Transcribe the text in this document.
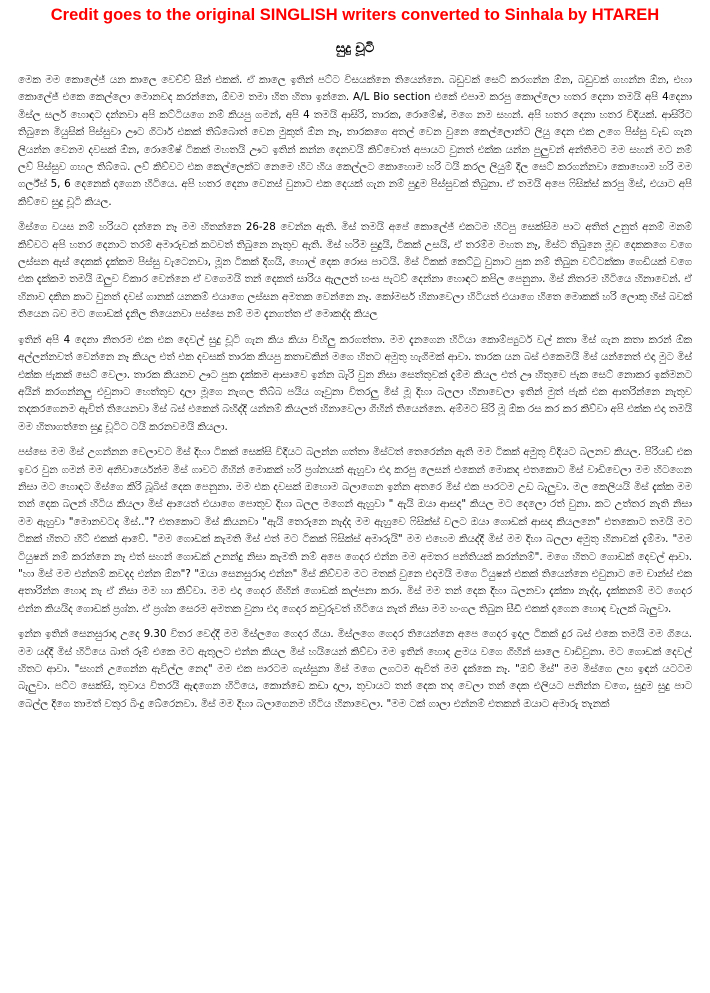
Credit goes to the original SINGLISH writers converted to Sinhala by HTAREH
සුදු චූටි

මෙක මම කොලේජ් යන කාලෙ වෙච්ච් සීන් එකක්. ඒ කාලෙ ඉතින් පට්ට විසයක්නෙ තියෙන්නෙ. බඩුවක් සෙට් කරගන්න ඕන, බඩුවක් ගහන්න ඕන, එහා කොලේජ් එකෙ කෙල්ලො මොනවද කරන්නෙ, ඕවම තමා හිත හිතා ඉන්නෙ. A/L Bio section එකේ එපාම කරපු කොල්ලො හතර දෙනා තමයි අපි 4දෙනා මිස්ල සර්ල හොඳට දන්නවා අපි කට්ටියගෙ නම් කියපු ගමන්, අපි 4 තමයි ආසිරි, තාරක, රොමේෂ්, මගෙ නම සහන්. අපි හතර දෙනා හතර විදියක්. ආසිරිට තිබුනෙ මියුසික් පිස්සුවා ඌට ගිටාර් එකක් තිබ්බොත් වෙන මුකුත් ඕන නෑ, තාරකගෙ අතල් වෙන වුනෙ කෙල්ලොන්ට ලියු දෙන එක උගෙ පිස්සු වැඩ ගැන ලියන්න වෙනම දවසක් ඕන, රොමේෂ් ටිකක් මහතයි ඌට ඉතින් කන්න දෙනවයි කිව්වොත් අපායට වුනත් එක්ක යන්න පුලුවන් අන්තිමට මම සහන් මට නම් ලව් පිස්සුව ගහල තිබ්බෙ. ලව් කිව්වට එක කෙල්ලෙක්ට නෙමෙ හිට හිය කෙල්ලට කොහොම හරි ටයි කරල ලියුම් දීල සෙට් කරගන්නවා කොහොම හරි මම ගර්ල්ස් 5, 6 දෙනෙක් දාගෙන හිටියෙ. අපි හතර දෙනා වෙනස් වුනාට එක දෙයක් ගැන නම් පුදුම පිස්සුවක් තිබුනා. ඒ තමයි අපෙ ෆිසික්ස් කරපු මිස්, එයාට අපි කිව්වෙ සුදු චූටි කියල.

මිස්ගෙ වයස නම් හරියට දන්නෙ නෑ මම හිතන්නෙ 26-28 වෙන්න ඇති. මිස් තමයි අපේ කොලේජ් එකටම හිටපු සෙක්සිම පාට අතිත් උනුත් අනම් මනම් කිව්වට අපි හතර දෙනාට තරම් අමාරුවක් කටවත් තිබුනෙ නැතුව ඇති. මිස් හරිම සුදුයි, ටිකක් උසයි, ඒ තරම්ම මහත නෑ, මිස්ට තිබුනෙ මූව දෙකකගෙ වගෙ ලස්සන ඇස් දෙකක් දැක්කම පිස්සු වැටෙනවා, මූන ටිකක් දිගයි, හොල් දෙක රොස පාටයි. මිස් ටිකක් කෙට්ටු වුනාට පුක නම් තිබුන වට්ටක්කා ගෙඩියක් වගෙ එක දැක්කම තමයි ඔලුව විකාර වෙන්නෙ ඒ වගෙමයි තන් දෙකත් සාරිය ඇලලත් හංස පැටව් දෙන්නා හොඳට කපිල පෙනුනා. මිස් නිතරම හිටියෙ හිනාවෙන්. ඒ හිනාව දකින කාට වුනත් දවස් ගානක් යනකම් එයාගෙ ලස්සන අමතක වෙන්නෙ නෑ. කෝමර්ස හිනාවෙලා හිටියත් එයාගෙ හිතෙ මොකක් හරි ලොකු හිස් බවක් තියෙන බව මට ගොඩක් දැනිල තියෙනවා පස්සෙ නම් මම දැනගත්ත ඒ මොකද්ද කියල

ඉතින් අපි 4 දෙනා නිතරම එක එක දෙවල් සුදු චූටි ගැන කිය කියා විහිලු කරගත්තා. මම දැනගෙන හිටියා කොම්ප්‍යුටර් වල් කතා මිස් ගැන කතා කරන් ඕක අල්ලන්නවත් වෙන්නෙ නෑ කියල එත් එක දවසක් තාරක කියපු කතාවකින් මගෙ හිතට අමුතු හැගිමක් ආවා. තාරක යන බස් එකෙමයි මිස් යන්නෙත් එදා මුට මිස් එක්ක ජැකක් සෙට් වෙලා. තාරක කියනව ඌට පුක දැක්කම ආසාවෙ ඉන්න බැරි වුන නිසා සෙත්තුවක් දැම්ම කියල එත් ඌ හිතුවෙ ජැක සෙට් නොකර ඉක්මනට අයින් කරගන්නලු එවුනාට හෙත්තුව දාලා මූගෙ නැගල තිබ්බ පයිය ගෑවුනා විතරලු මිස් මූ දිහා බලලා හිනාවෙලා ඉතින් මුත් ජැක් එක ආතරින්නෙ නැතුව තදකරගෙනම ඇවිත් තියෙනවා මිස් බස් එකෙන් බහිද්දි යන්නම් කියලත් හිනාවෙලා ගිහින් තියෙන්නෙ. අම්මට සිරි මූ ඕක රස කර කර කිව්වා අපි එක්ක එදා තමයි මම හිතාගත්තෙ සුදු චූටිට ටයි කරනවමයි කියලා.

පස්සෙ මම මිස් උගන්නන වෙලාවට මිස් දිහා ටිකක් සෙක්සි විදියට බලන්න ගත්තා මිස්ටත් තෙරෙන්න ඇති මම ටිකක් අමුතු විදියට බලනව කියල. පිරියඩ් එක ඉවර වුන ගමන් මම අනිවාර්යෙන්ම මිස් ගාවට ගිහින් මොකක් හරි ප්‍රශ්නයක් ඇහුවා එදා කරපු ලෙසන් එකෙන් මොකද එතකොට මිස් වාඩිවෙලා මම හිටගෙන නිසා මට හොඳට මිස්ගෙ කිරි බූබිස් දෙක පෙනුනා. මම එක දවසක් ඔහොම බලාගෙන ඉන්න අතරෙ මිස් එක පාරටම උඩ බැලුවා. මල කෙලියයි මිස් දැක්ක මම තන් දෙක බලන් හිටිය කියලා මිස් ආයෙත් එයාගෙ පොතුව දිහා බලල මගෙන් ඇහුවා " ඇයි ඔයා ආසද" කියල මට දෙලො රත් වුනා. කට උත්තර නැති නිසා මම ඇහුවා "මොනවටද මිස්.."? එතකොට මිස් කියනවා "ඇයි තෙරුනෙ නැද්ද මම ඇහුවෙ ෆිසික්ස් වලට ඔයා ගොඩක් ආසද කියලනෙ" එතකොට තමයි මට ටිකක් හිතට හිට් එකක් ආවේ. "මම ගොඩක් කැමති මිස් එත් මට ටිකක් ෆිසික්ස් අමාරුයි" මම එහෙම කියද්දී මිස් මම දිහා බලලා අමුතු හිනාවක් දැම්මා. "මම ටියුෂන් නම් කරන්නෙ නෑ එත් සහන් ගොඩක් උනන්දු නිසා කැමති නම් අපෙ ගෙදර එන්න මම අමතර පන්තියක් කරන්නම්". මගෙ හිතට ගොඩක් දෙවල් ආවා. "හා මිස් මම එන්නම් කවදද එන්න ඕන"? "ඔයා සෙනසුරාදා එන්න" මිස් කිව්වම මට මතක් වුනෙ එදාමයි මගෙ ටියුෂන් එකක් තියෙන්නෙ එවුනාට මෙ චාන්ස් එක අතාරින්න හොද නැ ඒ නිසා මම හා කිව්වා. මම එදා ගෙදර ගිහින් ගොඩක් කල්පනා කරා. මිස් මම තන් දෙක දිහා බලනවා දැක්කා නැද්ද, දැක්කනම් මට ගෙදර එන්න කියයිද ගොඩක් ප්‍රශ්න. ඒ ප්‍රශ්න සෙරම අමතක වුනා එදා ගෙදර කවුරුවත් හිටියෙ නැත් නිසා මම හංගල තිබුන සීඩී එකක් දාගෙන හොඳ වැලක් බැලුවා.

ඉන්න ඉතින් සෙනසුරාදා උදෙ 9.30 විතර වෙද්දී මම මිස්ලගෙ ගෙදර ගියා. මිස්ලගෙ ගෙදර තියෙන්නෙ අපෙ ගෙදර ඉදල ටිකක් දුර බස් එකෙ තමයි මම ගියෙ. මම යද්දී මිස් හිටියෙ බාත් රූම් එකෙ මට ඇතුලට එන්න කියල මිස් හයියෙන් කිව්වා මම ඉතින් හොද ළමය වගෙ ගිහින් සාලෙ වාඩිවුනා. මට ගොඩක් දෙවල් හිතට ආවා. "සහන් උගෙන්න ඇවිල්ල නෙද" මම එක පාරටම ගැස්සුනා මිස් මගෙ ලගටම ඇවිත් මම දැක්කෙ නෑ. "ඔව් මිස්" මම මිස්ගෙ ලඟ ඉඳන් යටටම බැලුවා. පට්ට සෙක්සි, තුවාය විතරයි ඇඳගෙන හිටියෙ, කොන්ඩෙ කඩා දාලා, තුවායට තන් දෙක තද වෙලා තන් දෙක එලියට පනින්න වගෙ, සුදුම සුදු පාට බෙල්ල දිගෙ තාමත් වතුර බිංදු බේරෙනවා. මිස් මම දිහා බලාගෙනම හිටිය හිනාවෙලා. "මම ටක් ගාලා එන්නම් එතකන් ඔයාට අමාරු තැනක්
